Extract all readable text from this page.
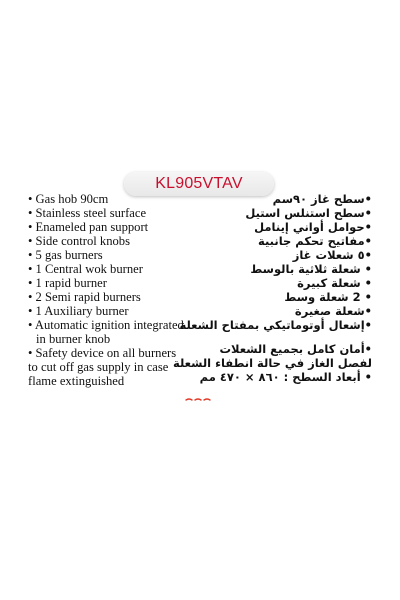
KL905VTAV
• Gas hob 90cm
• Stainless steel surface
• Enameled pan support
• Side control knobs
• 5 gas burners
• 1 Central wok burner
• 1 rapid burner
• 2 Semi rapid burners
• 1 Auxiliary burner
• Automatic ignition integrated
in burner knob
• Safety device on all burners
to cut off gas supply in case
flame extinguished
•سطح غاز ٩٠سم
•سطح استنلس استيل
•حوامل أواني إينامل
•مفاتيح تحكم جانبية
•٥ شعلات غاز
• شعلة ثلاثية بالوسط
• شعلة كبيرة
• 2 شعلة وسط
•شعلة صغيرة
•إشعال أوتوماتيكي بمفتاح الشعلة
•أمان كامل بجميع الشعلات
لفصل الغاز في حالة انطفاء الشعلة
• أبعاد السطح : ٨٦٠ × ٤٧٠ مم
